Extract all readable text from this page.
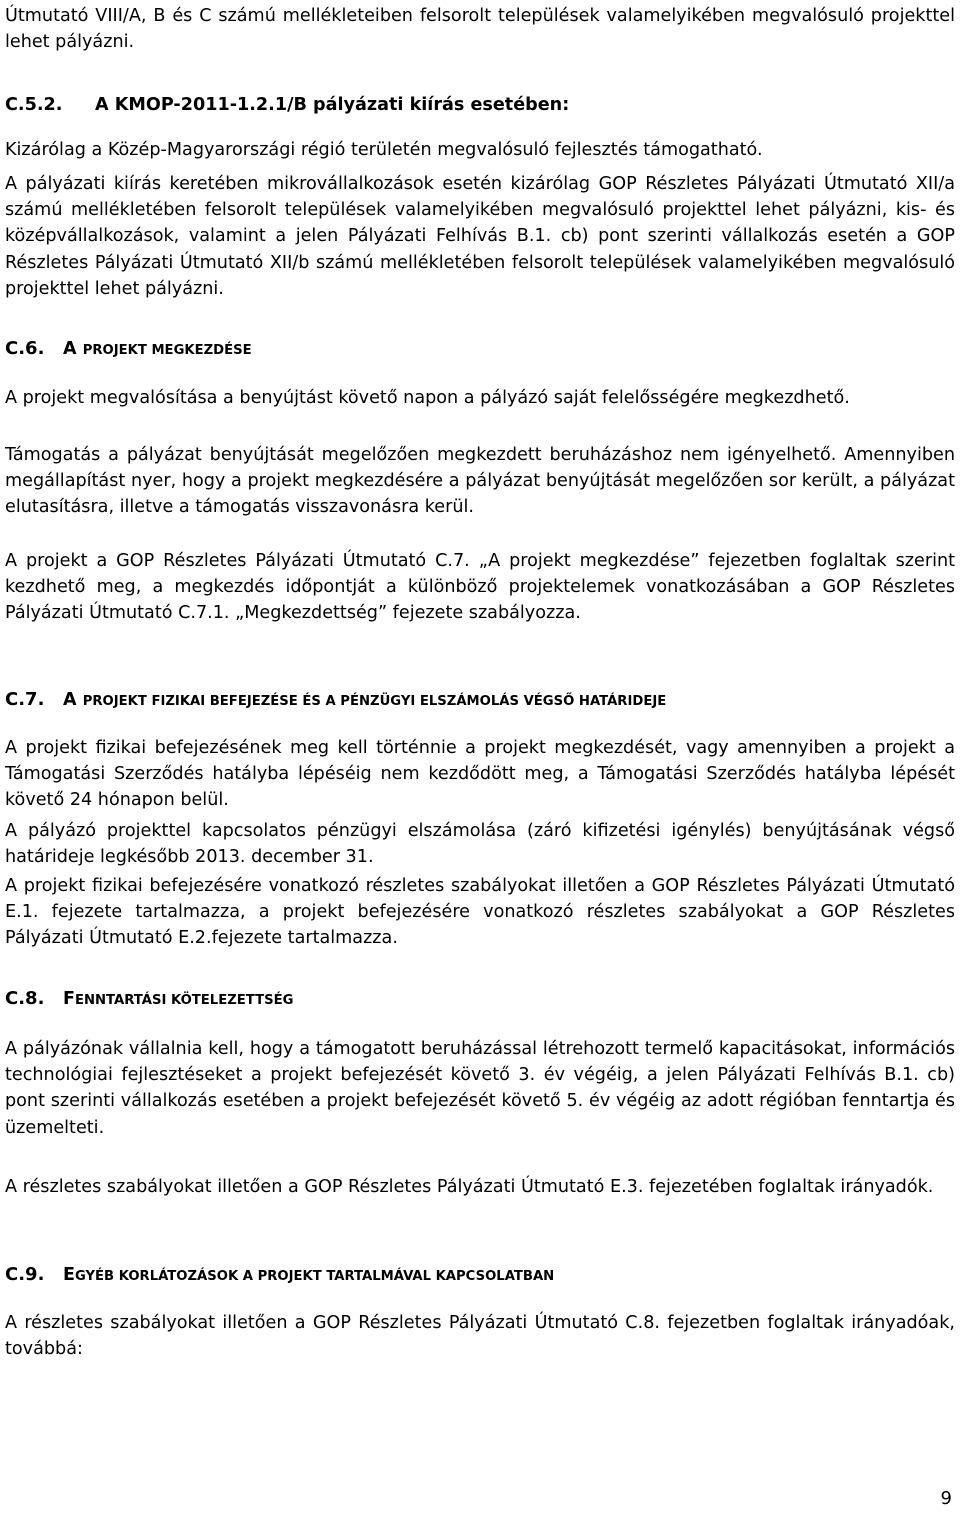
Útmutató VIII/A, B és C számú mellékleteiben felsorolt települések valamelyikében megvalósuló projekttel lehet pályázni.

C.5.2. A KMOP-2011-1.2.1/B pályázati kiírás esetében:

Kizárólag a Közép-Magyarországi régió területén megvalósuló fejlesztés támogatható.

A pályázati kiírás keretében mikrovállalkozások esetén kizárólag GOP Részletes Pályázati Útmutató XII/a számú mellékletében felsorolt települések valamelyikében megvalósuló projekttel lehet pályázni, kis- és középvállalkozások, valamint a jelen Pályázati Felhívás B.1. cb) pont szerinti vállalkozás esetén a GOP Részletes Pályázati Útmutató XII/b számú mellékletében felsorolt települések valamelyikében megvalósuló projekttel lehet pályázni.

C.6. A PROJEKT MEGKEZDÉSE

A projekt megvalósítása a benyújtást követő napon a pályázó saját felelősségére megkezdhető.

Támogatás a pályázat benyújtását megelőzően megkezdett beruházáshoz nem igényelhető. Amennyiben megállapítást nyer, hogy a projekt megkezdésére a pályázat benyújtását megelőzően sor került, a pályázat elutasításra, illetve a támogatás visszavonásra kerül.

A projekt a GOP Részletes Pályázati Útmutató C.7. „A projekt megkezdése” fejezetben foglaltak szerint kezdhető meg, a megkezdés időpontját a különböző projektelemek vonatkozásában a GOP Részletes Pályázati Útmutató C.7.1. „Megkezdettség” fejezete szabályozza.

C.7. A PROJEKT FIZIKAI BEFEJEZÉSE ÉS A PÉNZÜGYI ELSZÁMOLÁS VÉGSŐ HATÁRIDEJE

A projekt fizikai befejezésének meg kell történnie a projekt megkezdését, vagy amennyiben a projekt a Támogatási Szerződés hatályba lépéséig nem kezdődött meg, a Támogatási Szerződés hatályba lépését követő 24 hónapon belül.

A pályázó projekttel kapcsolatos pénzügyi elszámolása (záró kifizetési igénylés) benyújtásának végső határideje legkésőbb 2013. december 31.

A projekt fizikai befejezésére vonatkozó részletes szabályokat illetően a GOP Részletes Pályázati Útmutató E.1. fejezete tartalmazza, a projekt befejezésére vonatkozó részletes szabályokat a GOP Részletes Pályázati Útmutató E.2.fejezete tartalmazza.

C.8. FENNTARTÁSI KÖTELEZETTSÉG

A pályázónak vállalnia kell, hogy a támogatott beruházással létrehozott termelő kapacitásokat, információs technológiai fejlesztéseket a projekt befejezését követő 3. év végéig, a jelen Pályázati Felhívás B.1. cb) pont szerinti vállalkozás esetében a projekt befejezését követő 5. év végéig az adott régióban fenntartja és üzemelteti.

A részletes szabályokat illetően a GOP Részletes Pályázati Útmutató E.3. fejezetében foglaltak irányadók.

C.9. EGYÉB KORLÁTOZÁSOK A PROJEKT TARTALMÁVAL KAPCSOLATBAN

A részletes szabályokat illetően a GOP Részletes Pályázati Útmutató C.8. fejezetben foglaltak irányadóak, továbbá:

9
